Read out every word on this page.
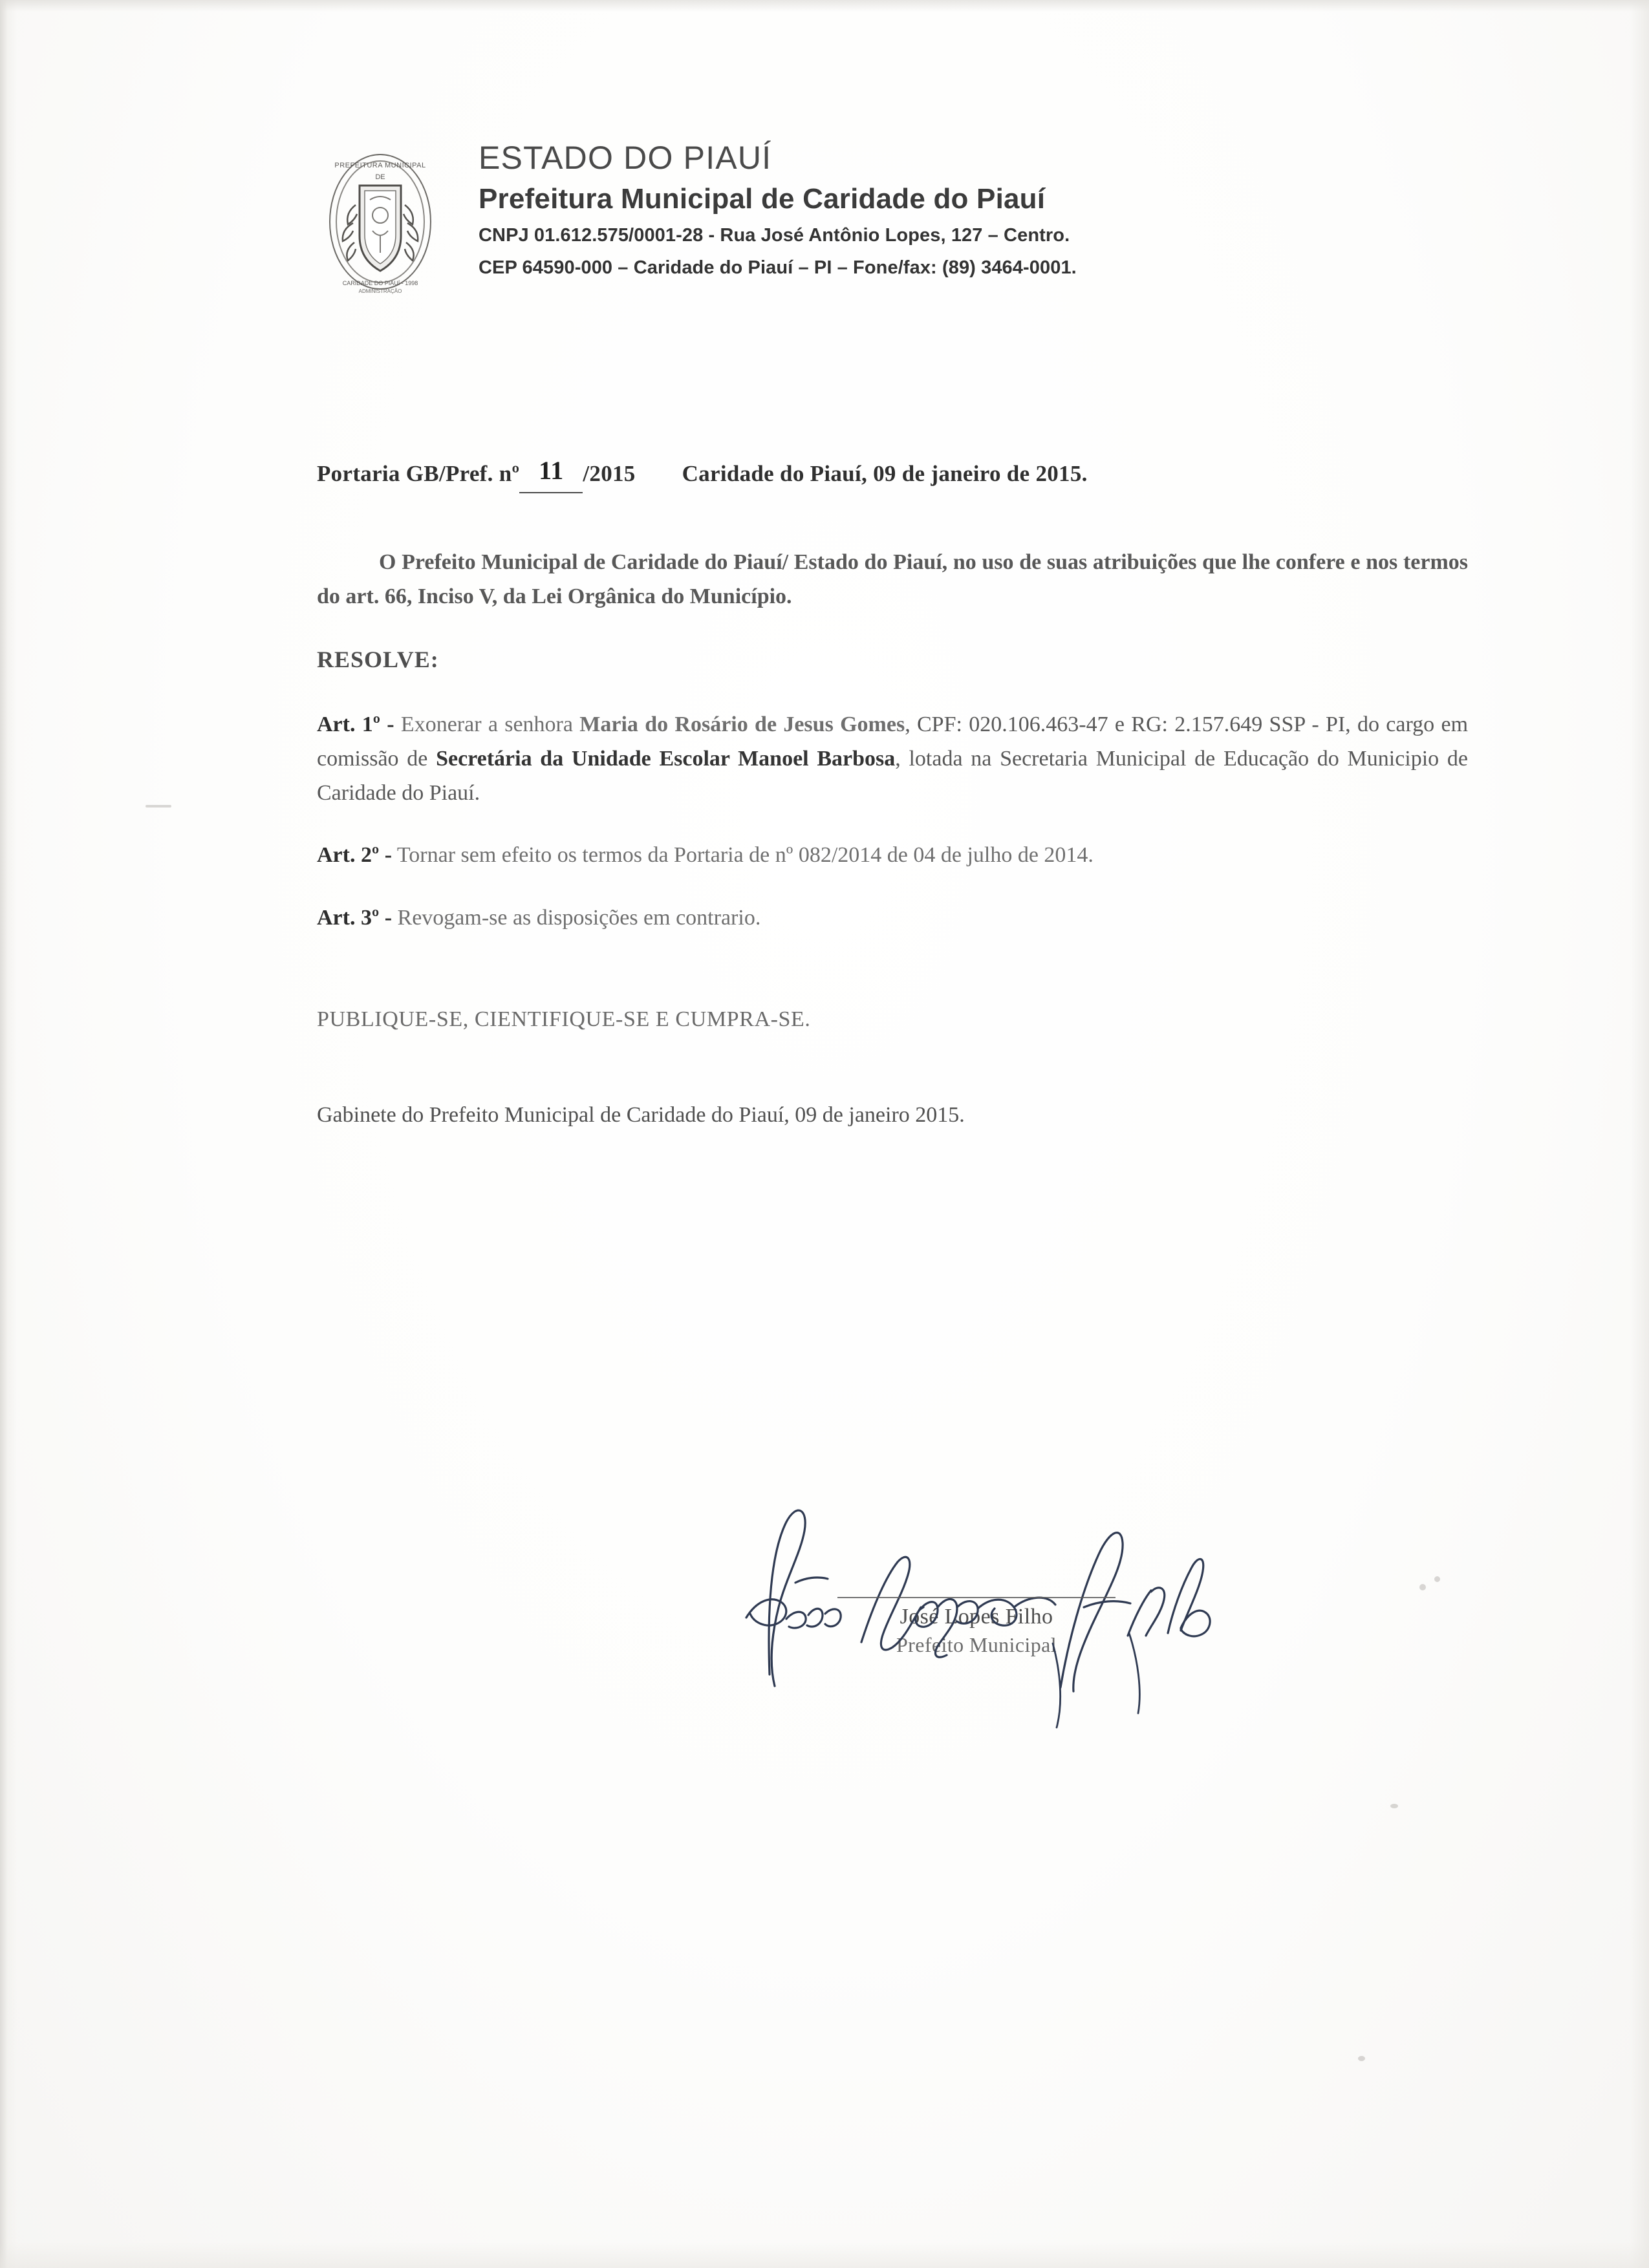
PREFEITURA MUNICIPAL
DE
CARIDADE DO PIAUÍ - 1998
ADMINISTRAÇÃO
ESTADO DO PIAUÍ
Prefeitura Municipal de Caridade do Piauí
CNPJ 01.612.575/0001-28 - Rua José Antônio Lopes, 127 – Centro.
CEP 64590-000 – Caridade do Piauí – PI – Fone/fax: (89) 3464-0001.
Portaria GB/Pref. nº 11 /2015 Caridade do Piauí, 09 de janeiro de 2015.

O Prefeito Municipal de Caridade do Piauí/ Estado do Piauí, no uso de suas atribuições que lhe confere e nos termos do art. 66, Inciso V, da Lei Orgânica do Município.

RESOLVE:

Art. 1º - Exonerar a senhora Maria do Rosário de Jesus Gomes, CPF: 020.106.463-47 e RG: 2.157.649 SSP - PI, do cargo em comissão de Secretária da Unidade Escolar Manoel Barbosa, lotada na Secretaria Municipal de Educação do Municipio de Caridade do Piauí.

Art. 2º - Tornar sem efeito os termos da Portaria de nº 082/2014 de 04 de julho de 2014.

Art. 3º - Revogam-se as disposições em contrario.

PUBLIQUE-SE, CIENTIFIQUE-SE E CUMPRA-SE.

Gabinete do Prefeito Municipal de Caridade do Piauí, 09 de janeiro 2015.

José Lopes Filho
Prefeito Municipal
